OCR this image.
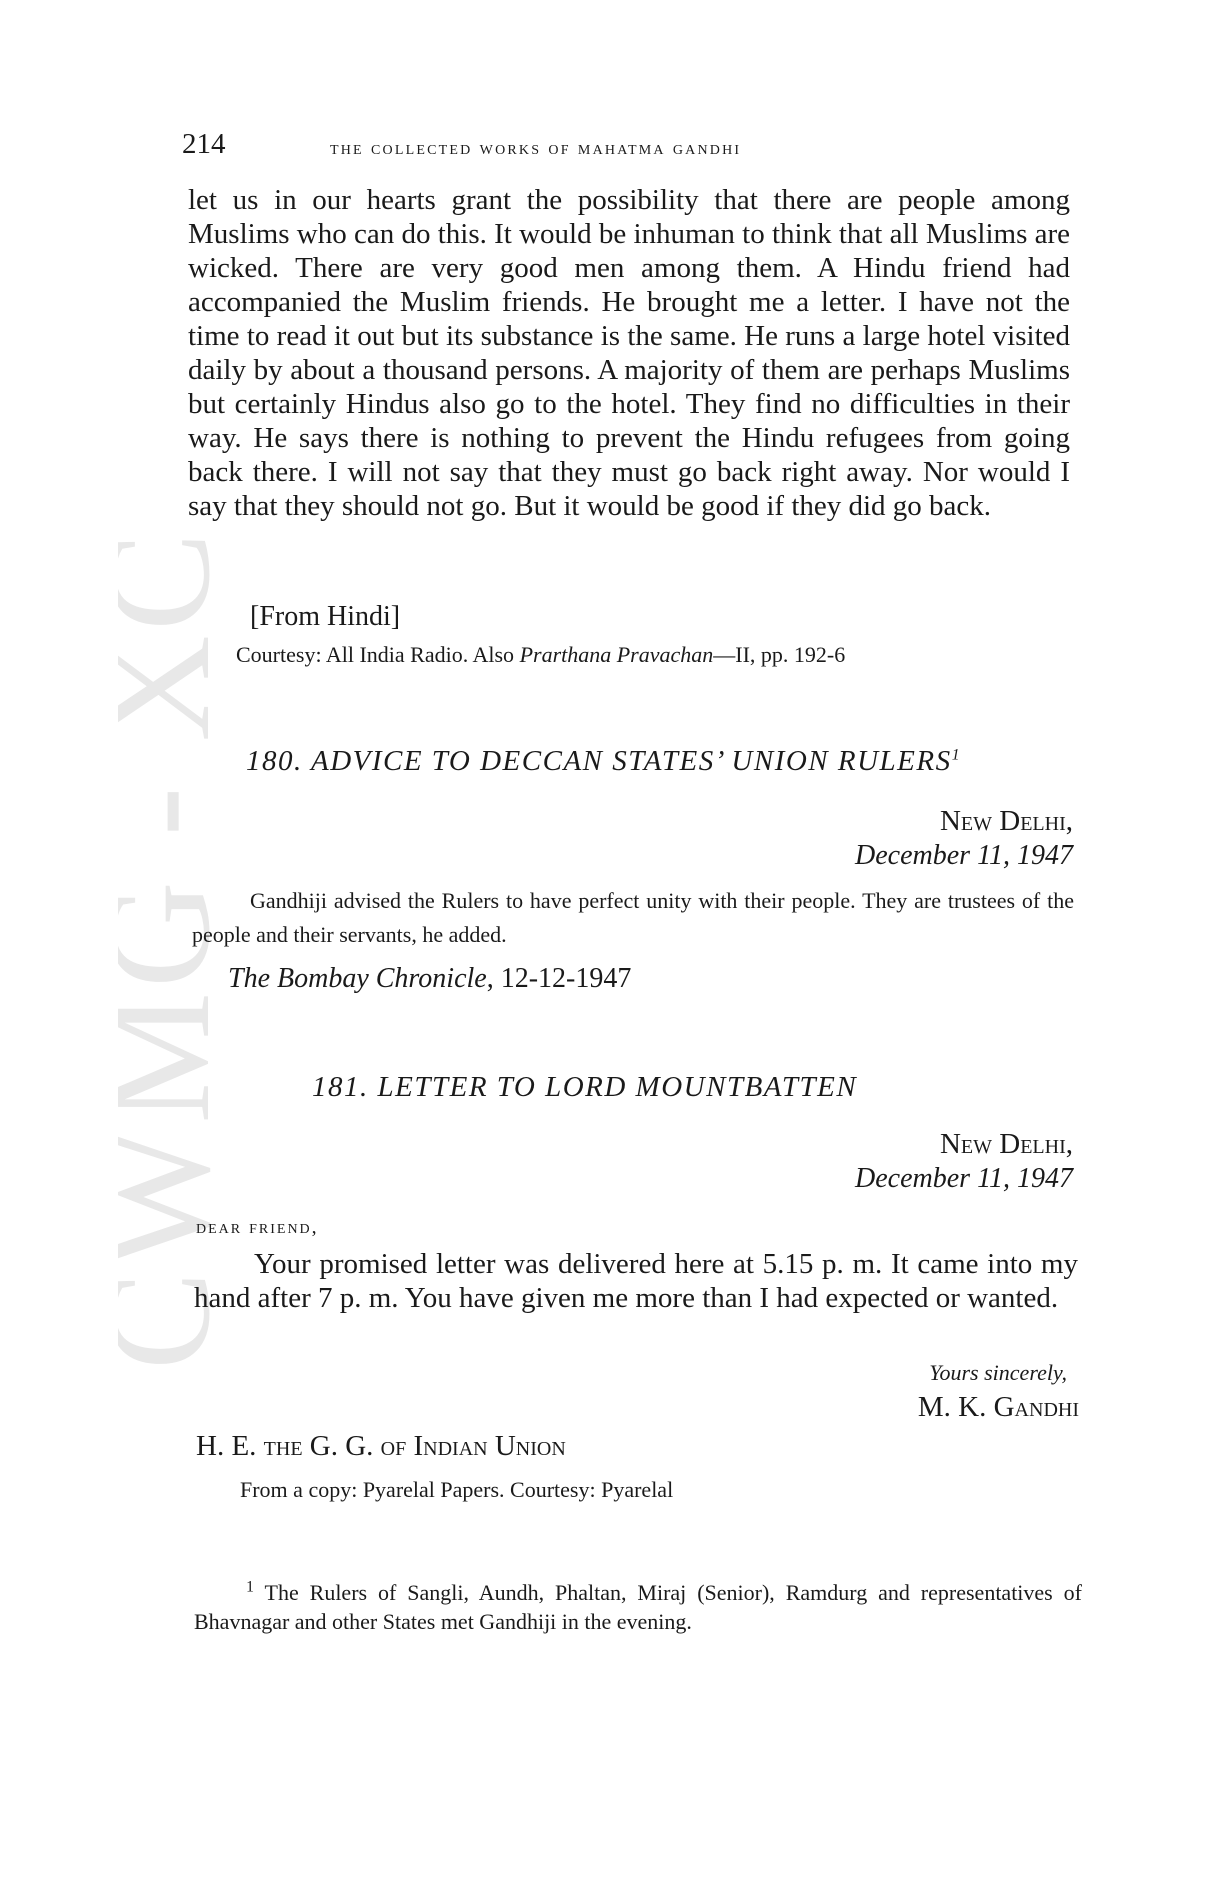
CWMG XC
214	the collected works of mahatma gandhi

let us in our hearts grant the possibility that there are people among Muslims who can do this. It would be inhuman to think that all Muslims are wicked. There are very good men among them. A Hindu friend had accompanied the Muslim friends. He brought me a letter. I have not the time to read it out but its substance is the same. He runs a large hotel visited daily by about a thousand persons. A majority of them are perhaps Muslims but certainly Hindus also go to the hotel. They find no difficulties in their way. He says there is nothing to prevent the Hindu refugees from going back there. I will not say that they must go back right away. Nor would I say that they should not go. But it would be good if they did go back.

[From Hindi]

Courtesy: All India Radio. Also Prarthana Pravachan—II, pp. 192-6

180. ADVICE TO DECCAN STATES’ UNION RULERS$^1$
New Delhi,
December 11, 1947

Gandhiji advised the Rulers to have perfect unity with their people. They are trustees of the people and their servants, he added.

The Bombay Chronicle, 12-12-1947

181. LETTER TO LORD MOUNTBATTEN
New Delhi,
December 11, 1947
dear friend,

Your promised letter was delivered here at 5.15 p. m. It came into my hand after 7 p. m. You have given me more than I had expected or wanted.

Yours sincerely,
M. K. Gandhi
H. E. the G. G. of Indian Union

From a copy: Pyarelal Papers. Courtesy: Pyarelal

$^1$ The Rulers of Sangli, Aundh, Phaltan, Miraj (Senior), Ramdurg and representatives of Bhavnagar and other States met Gandhiji in the evening.
